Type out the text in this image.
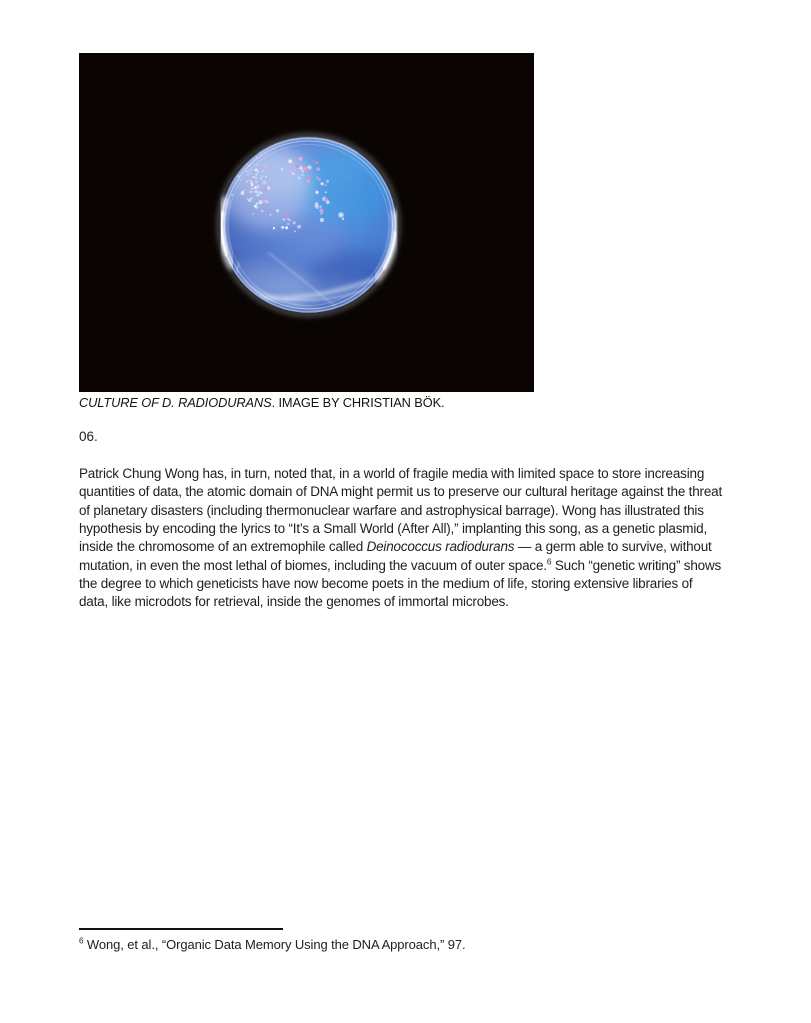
CULTURE OF D. RADIODURANS. IMAGE BY CHRISTIAN BÖK.

06.

Patrick Chung Wong has, in turn, noted that, in a world of fragile media with limited space to store increasing quantities of data, the atomic domain of DNA might permit us to preserve our cultural heritage against the threat of planetary disasters (including thermonuclear warfare and astrophysical barrage). Wong has illustrated this hypothesis by encoding the lyrics to “It’s a Small World (After All),” implanting this song, as a genetic plasmid, inside the chromosome of an extremophile called Deinococcus radiodurans — a germ able to survive, without mutation, in even the most lethal of biomes, including the vacuum of outer space.$^6$ Such “genetic writing” shows the degree to which geneticists have now become poets in the medium of life, storing extensive libraries of data, like microdots for retrieval, inside the genomes of immortal microbes.

$^6$ Wong, et al., “Organic Data Memory Using the DNA Approach,” 97.
